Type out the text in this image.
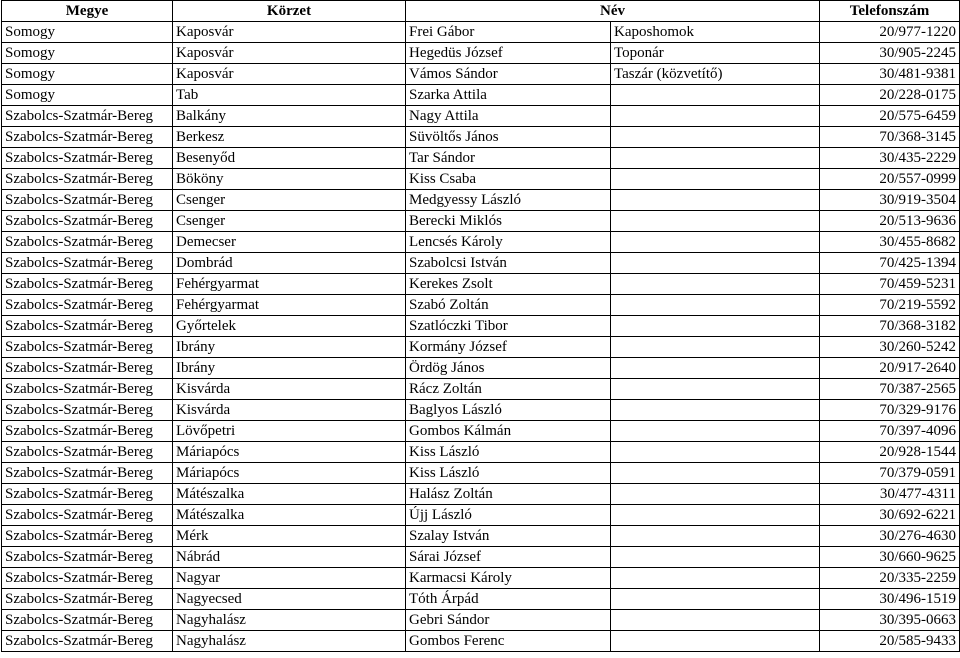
Megye	Körzet	Név		Telefonszám
Somogy	Kaposvár	Frei Gábor	Kaposhomok	20/977-1220
Somogy	Kaposvár	Hegedüs József	Toponár	30/905-2245
Somogy	Kaposvár	Vámos Sándor	Taszár (közvetítő)	30/481-9381
Somogy	Tab	Szarka Attila		20/228-0175
Szabolcs-Szatmár-Bereg	Balkány	Nagy Attila		20/575-6459
Szabolcs-Szatmár-Bereg	Berkesz	Süvöltős János		70/368-3145
Szabolcs-Szatmár-Bereg	Besenyőd	Tar Sándor		30/435-2229
Szabolcs-Szatmár-Bereg	Bököny	Kiss Csaba		20/557-0999
Szabolcs-Szatmár-Bereg	Csenger	Medgyessy László		30/919-3504
Szabolcs-Szatmár-Bereg	Csenger	Berecki Miklós		20/513-9636
Szabolcs-Szatmár-Bereg	Demecser	Lencsés Károly		30/455-8682
Szabolcs-Szatmár-Bereg	Dombrád	Szabolcsi István		70/425-1394
Szabolcs-Szatmár-Bereg	Fehérgyarmat	Kerekes Zsolt		70/459-5231
Szabolcs-Szatmár-Bereg	Fehérgyarmat	Szabó Zoltán		70/219-5592
Szabolcs-Szatmár-Bereg	Győrtelek	Szatlóczki Tibor		70/368-3182
Szabolcs-Szatmár-Bereg	Ibrány	Kormány József		30/260-5242
Szabolcs-Szatmár-Bereg	Ibrány	Ördög János		20/917-2640
Szabolcs-Szatmár-Bereg	Kisvárda	Rácz Zoltán		70/387-2565
Szabolcs-Szatmár-Bereg	Kisvárda	Baglyos László		70/329-9176
Szabolcs-Szatmár-Bereg	Lövőpetri	Gombos Kálmán		70/397-4096
Szabolcs-Szatmár-Bereg	Máriapócs	Kiss László		20/928-1544
Szabolcs-Szatmár-Bereg	Máriapócs	Kiss László		70/379-0591
Szabolcs-Szatmár-Bereg	Mátészalka	Halász Zoltán		30/477-4311
Szabolcs-Szatmár-Bereg	Mátészalka	Újj László		30/692-6221
Szabolcs-Szatmár-Bereg	Mérk	Szalay István		30/276-4630
Szabolcs-Szatmár-Bereg	Nábrád	Sárai József		30/660-9625
Szabolcs-Szatmár-Bereg	Nagyar	Karmacsi Károly		20/335-2259
Szabolcs-Szatmár-Bereg	Nagyecsed	Tóth Árpád		30/496-1519
Szabolcs-Szatmár-Bereg	Nagyhalász	Gebri Sándor		30/395-0663
Szabolcs-Szatmár-Bereg	Nagyhalász	Gombos Ferenc		20/585-9433
